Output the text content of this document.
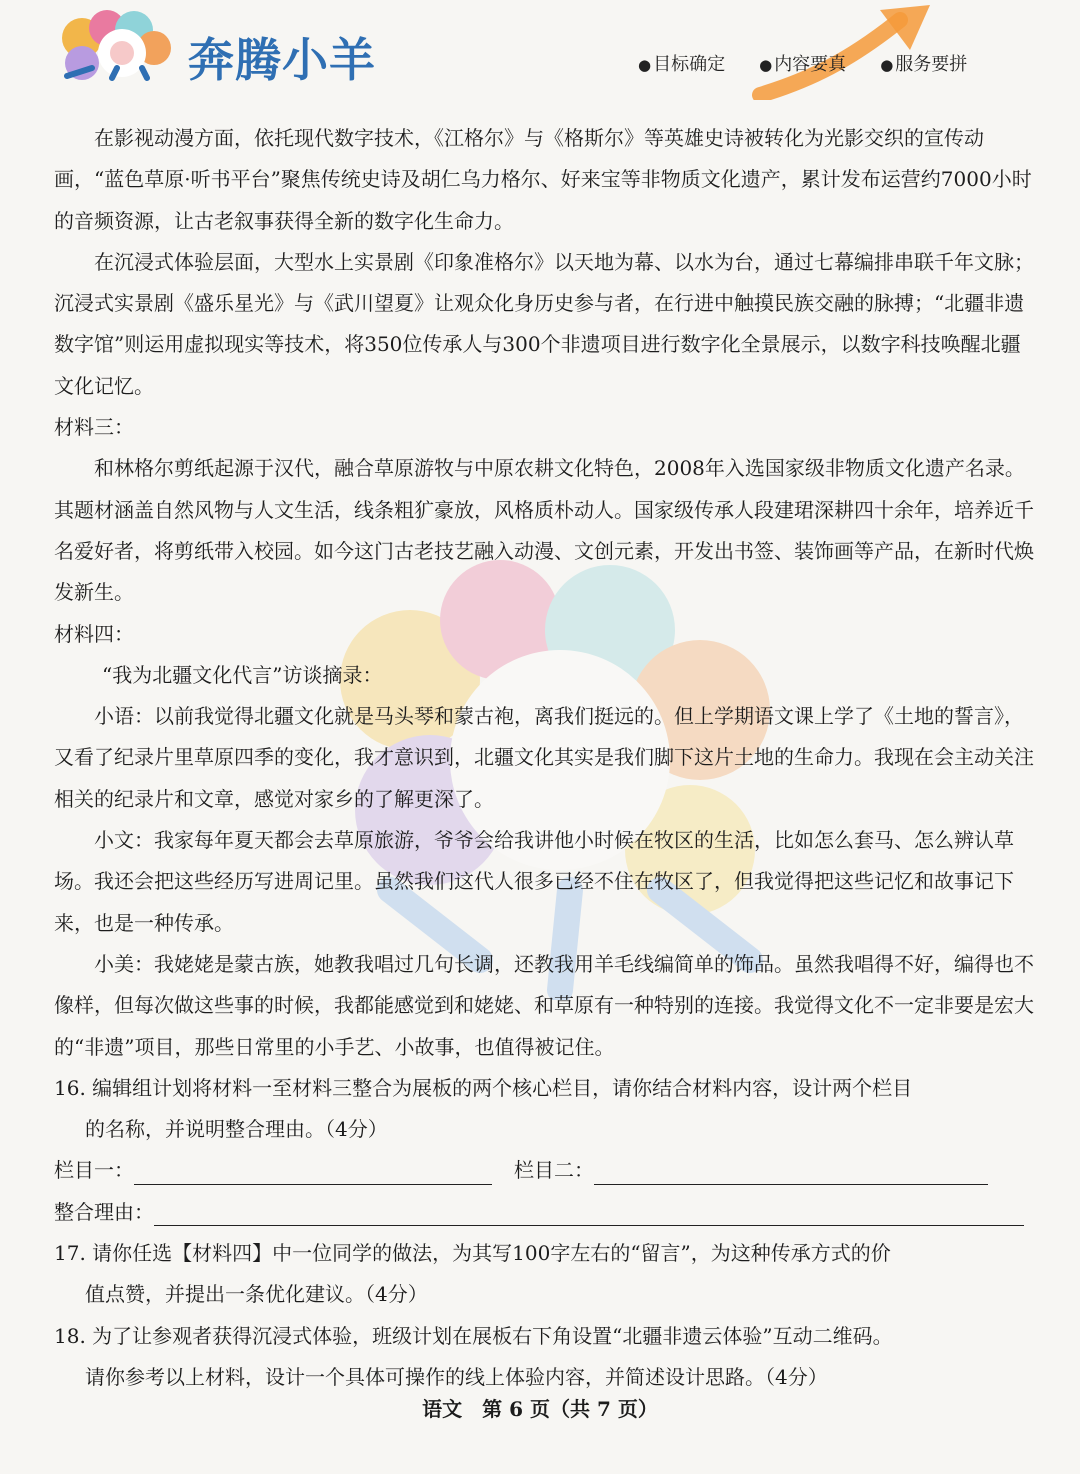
奔腾小羊	● 目标确定	● 内容要真	● 服务要拼

在影视动漫方面，依托现代数字技术，《江格尔》与《格斯尔》等英雄史诗被转化为光影交织的宣传动画，“蓝色草原·听书平台”聚焦传统史诗及胡仁乌力格尔、好来宝等非物质文化遗产，累计发布运营约7000小时的音频资源，让古老叙事获得全新的数字化生命力。

在沉浸式体验层面，大型水上实景剧《印象准格尔》以天地为幕、以水为台，通过七幕编排串联千年文脉；沉浸式实景剧《盛乐星光》与《武川望夏》让观众化身历史参与者，在行进中触摸民族交融的脉搏；“北疆非遗数字馆”则运用虚拟现实等技术，将350位传承人与300个非遗项目进行数字化全景展示，以数字科技唤醒北疆文化记忆。

材料三：

和林格尔剪纸起源于汉代，融合草原游牧与中原农耕文化特色，2008年入选国家级非物质文化遗产名录。其题材涵盖自然风物与人文生活，线条粗犷豪放，风格质朴动人。国家级传承人段建珺深耕四十余年，培养近千名爱好者，将剪纸带入校园。如今这门古老技艺融入动漫、文创元素，开发出书签、装饰画等产品，在新时代焕发新生。

材料四：

“我为北疆文化代言”访谈摘录：

小语：以前我觉得北疆文化就是马头琴和蒙古袍，离我们挺远的。但上学期语文课上学了《土地的誓言》，又看了纪录片里草原四季的变化，我才意识到，北疆文化其实是我们脚下这片土地的生命力。我现在会主动关注相关的纪录片和文章，感觉对家乡的了解更深了。

小文：我家每年夏天都会去草原旅游，爷爷会给我讲他小时候在牧区的生活，比如怎么套马、怎么辨认草场。我还会把这些经历写进周记里。虽然我们这代人很多已经不住在牧区了，但我觉得把这些记忆和故事记下来，也是一种传承。

小美：我姥姥是蒙古族，她教我唱过几句长调，还教我用羊毛线编简单的饰品。虽然我唱得不好，编得也不像样，但每次做这些事的时候，我都能感觉到和姥姥、和草原有一种特别的连接。我觉得文化不一定非要是宏大的“非遗”项目，那些日常里的小手艺、小故事，也值得被记住。

16. 编辑组计划将材料一至材料三整合为展板的两个核心栏目，请你结合材料内容，设计两个栏目

的名称，并说明整合理由。（4分）

栏目一：	栏目二：
整合理由：

17. 请你任选【材料四】中一位同学的做法，为其写100字左右的“留言”，为这种传承方式的价

值点赞，并提出一条优化建议。（4分）

18. 为了让参观者获得沉浸式体验，班级计划在展板右下角设置“北疆非遗云体验”互动二维码。

请你参考以上材料，设计一个具体可操作的线上体验内容，并简述设计思路。（4分）

语文　第 6 页（共 7 页）
